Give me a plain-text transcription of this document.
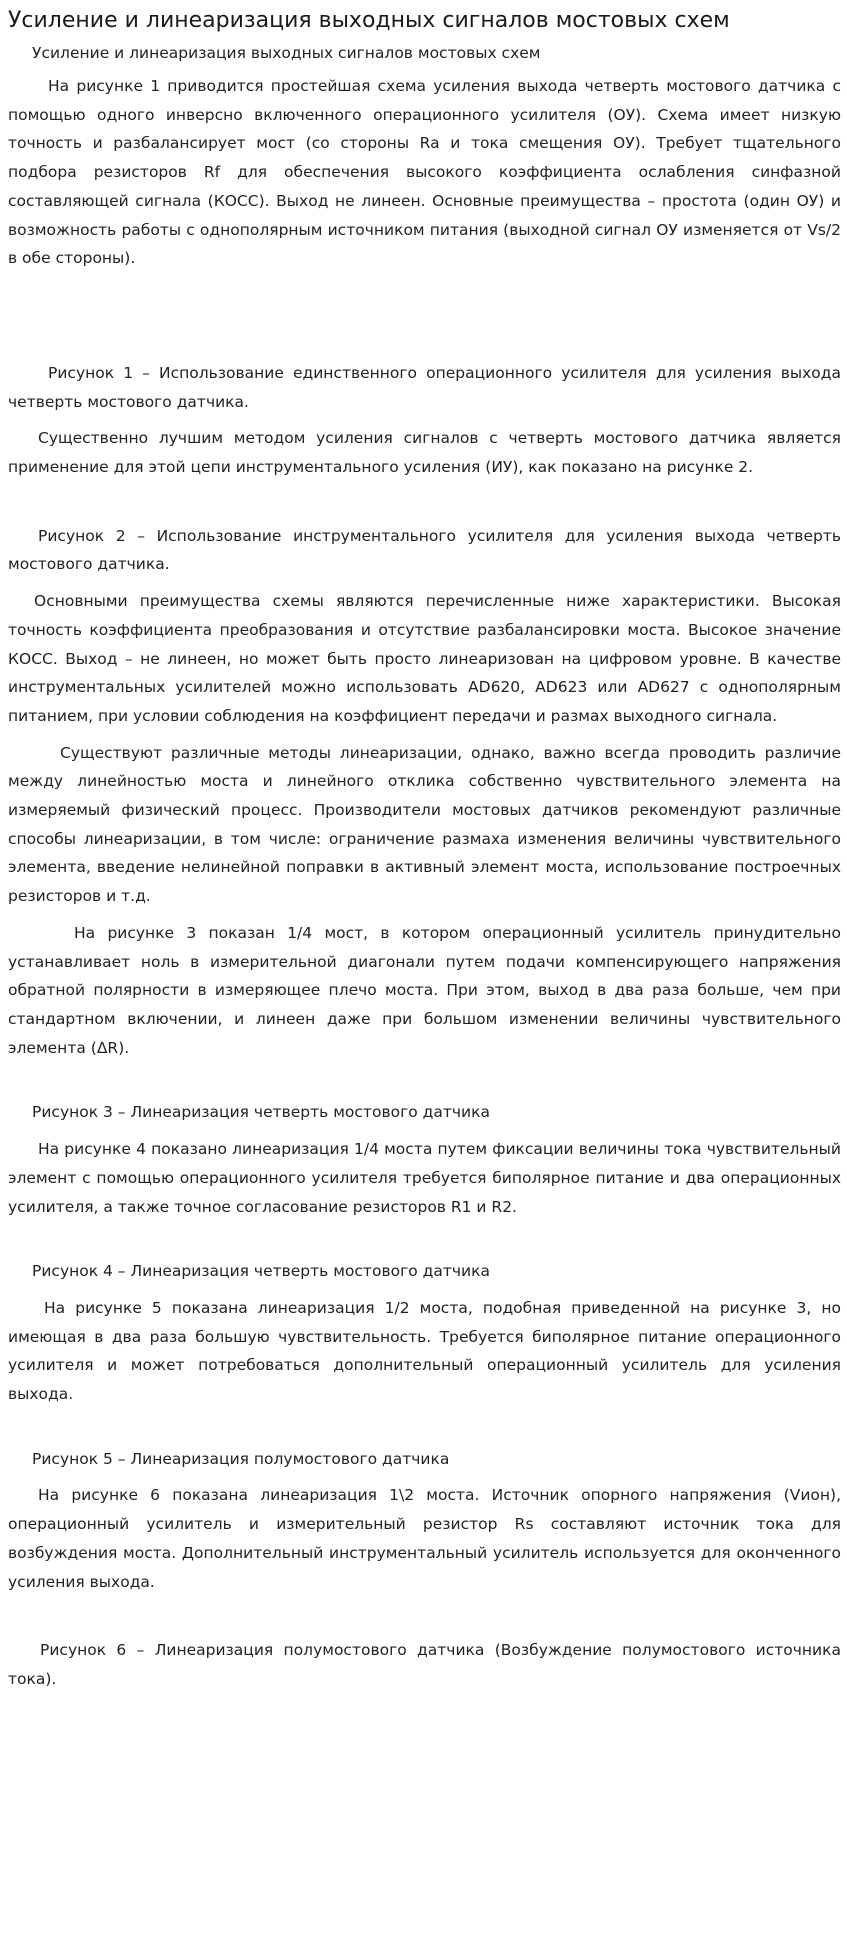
Усиление и линеаризация выходных сигналов мостовых схем
Усиление и линеаризация выходных сигналов мостовых схем

На рисунке 1 приводится простейшая схема усиления выхода четверть мостового датчика с помощью одного инверсно включенного операционного усилителя (ОУ). Схема имеет низкую точность и разбалансирует мост (со стороны Ra и тока смещения ОУ). Требует тщательного подбора резисторов Rf для обеспечения высокого коэффициента ослабления синфазной составляющей сигнала (КОСС). Выход не линеен. Основные преимущества – простота (один ОУ) и возможность работы с однополярным источником питания (выходной сигнал ОУ изменяется от Vs/2 в обе стороны).

Рисунок 1 – Использование единственного операционного усилителя для усиления выхода четверть мостового датчика.

Существенно лучшим методом усиления сигналов с четверть мостового датчика является применение для этой цепи инструментального усиления (ИУ), как показано на рисунке 2.

Рисунок 2 – Использование инструментального усилителя для усиления выхода четверть мостового датчика.

Основными преимущества схемы являются перечисленные ниже характеристики. Высокая точность коэффициента преобразования и отсутствие разбалансировки моста. Высокое значение КОСС. Выход – не линеен, но может быть просто линеаризован на цифровом уровне. В качестве инструментальных усилителей можно использовать AD620, AD623 или AD627 с однополярным питанием, при условии соблюдения на коэффициент передачи и размах выходного сигнала.

Существуют различные методы линеаризации, однако, важно всегда проводить различие между линейностью моста и линейного отклика собственно чувствительного элемента на измеряемый физический процесс. Производители мостовых датчиков рекомендуют различные способы линеаризации, в том числе: ограничение размаха изменения величины чувствительного элемента, введение нелинейной поправки в активный элемент моста, использование построечных резисторов и т.д.

На рисунке 3 показан 1/4 мост, в котором операционный усилитель принудительно устанавливает ноль в измерительной диагонали путем подачи компенсирующего напряжения обратной полярности в измеряющее плечо моста. При этом, выход в два раза больше, чем при стандартном включении, и линеен даже при большом изменении величины чувствительного элемента (ΔR).

Рисунок 3 – Линеаризация четверть мостового датчика

На рисунке 4 показано линеаризация 1/4 моста путем фиксации величины тока чувствительный элемент с помощью операционного усилителя требуется биполярное питание и два операционных усилителя, а также точное согласование резисторов R1 и R2.

Рисунок 4 – Линеаризация четверть мостового датчика

На рисунке 5 показана линеаризация 1/2 моста, подобная приведенной на рисунке 3, но имеющая в два раза большую чувствительность. Требуется биполярное питание операционного усилителя и может потребоваться дополнительный операционный усилитель для усиления выхода.

Рисунок 5 – Линеаризация полумостового датчика

На рисунке 6 показана линеаризация 1\2 моста. Источник опорного напряжения (Vион), операционный усилитель и измерительный резистор Rs составляют источник тока для возбуждения моста. Дополнительный инструментальный усилитель используется для оконченного усиления выхода.

Рисунок 6 – Линеаризация полумостового датчика (Возбуждение полумостового источника тока).
